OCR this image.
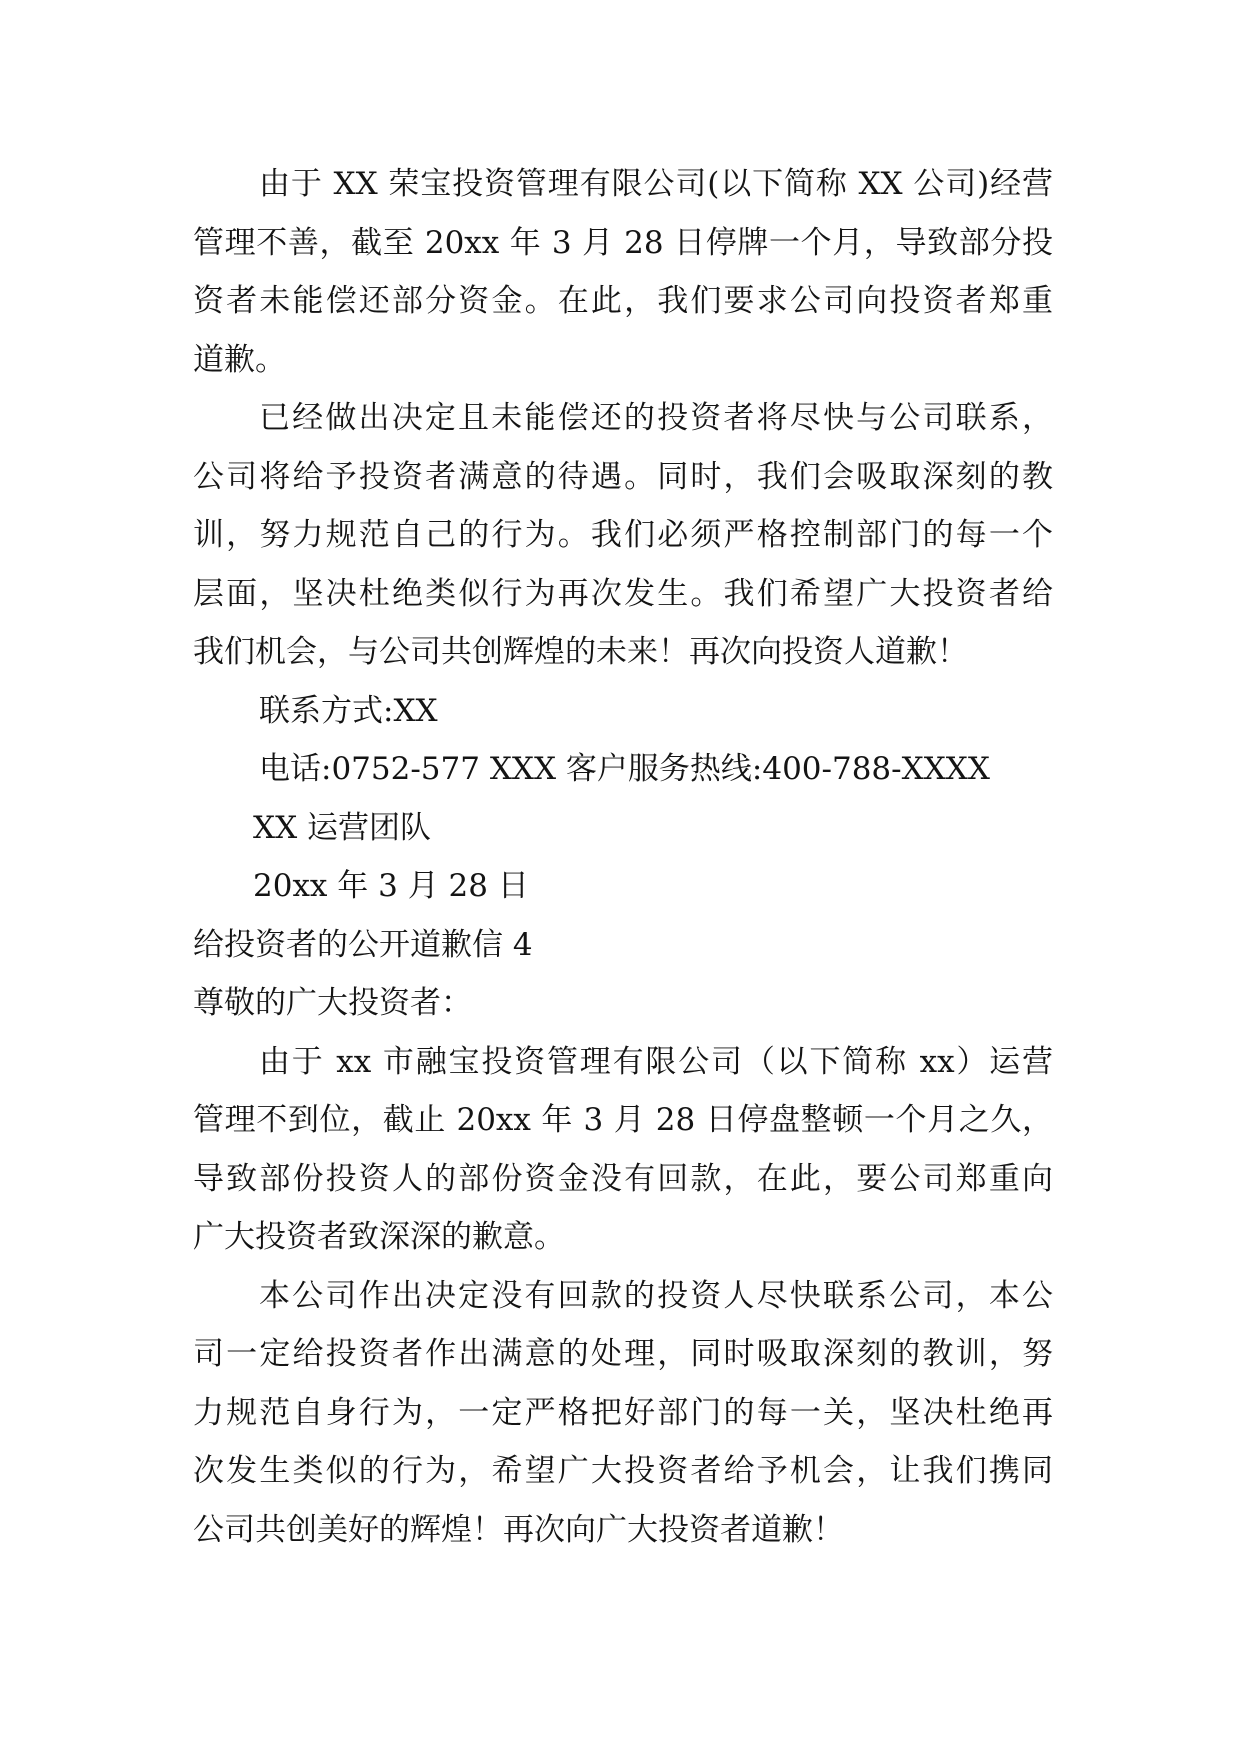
由于 XX 荣宝投资管理有限公司(以下简称 XX 公司)经营
管理不善，截至 20xx 年 3 月 28 日停牌一个月，导致部分投
资者未能偿还部分资金。在此，我们要求公司向投资者郑重
道歉。
已经做出决定且未能偿还的投资者将尽快与公司联系，
公司将给予投资者满意的待遇。同时，我们会吸取深刻的教
训，努力规范自己的行为。我们必须严格控制部门的每一个
层面，坚决杜绝类似行为再次发生。我们希望广大投资者给
我们机会，与公司共创辉煌的未来！再次向投资人道歉！
联系方式:XX
电话:0752-577 XXX 客户服务热线:400-788-XXXX
XX 运营团队
20xx 年 3 月 28 日
给投资者的公开道歉信 4
尊敬的广大投资者：
由于 xx 市融宝投资管理有限公司（以下简称 xx）运营
管理不到位，截止 20xx 年 3 月 28 日停盘整顿一个月之久，
导致部份投资人的部份资金没有回款，在此，要公司郑重向
广大投资者致深深的歉意。
本公司作出决定没有回款的投资人尽快联系公司，本公
司一定给投资者作出满意的处理，同时吸取深刻的教训，努
力规范自身行为，一定严格把好部门的每一关，坚决杜绝再
次发生类似的行为，希望广大投资者给予机会，让我们携同
公司共创美好的辉煌！再次向广大投资者道歉！
